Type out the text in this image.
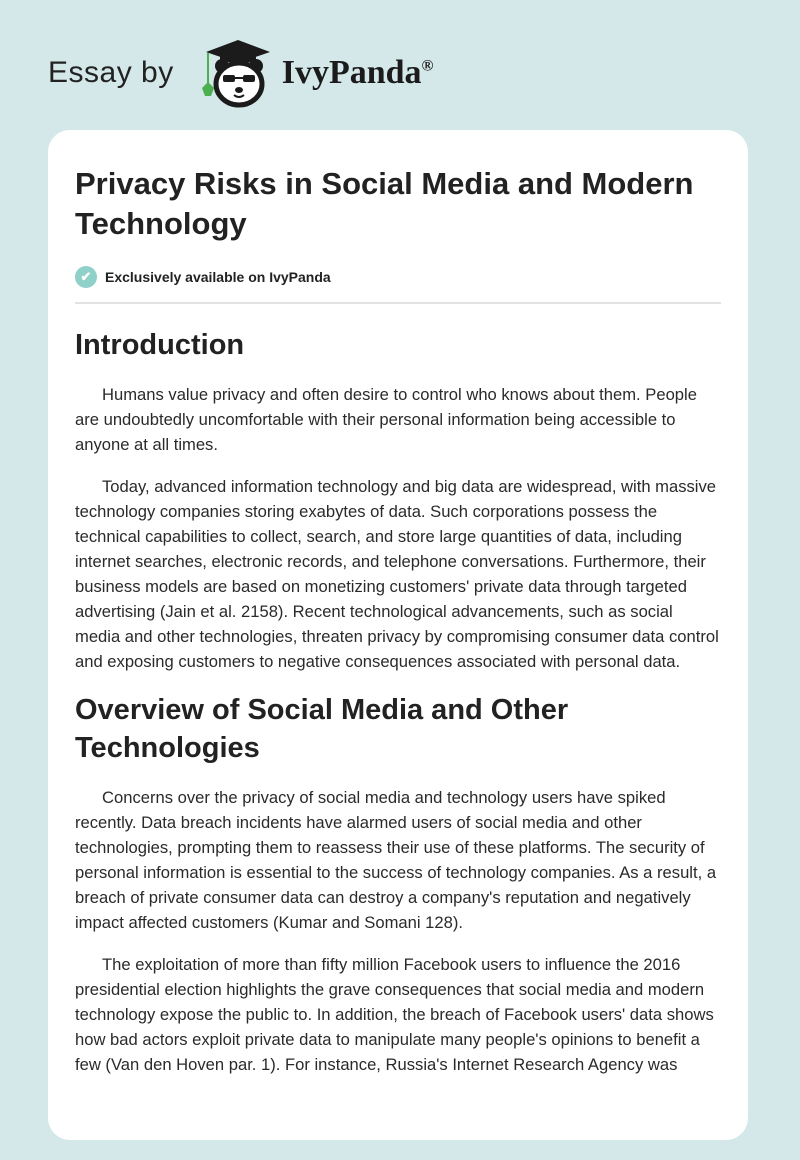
Essay by	IvyPanda®
Privacy Risks in Social Media and Modern Technology
✔ Exclusively available on IvyPanda
Introduction

Humans value privacy and often desire to control who knows about them. People are undoubtedly uncomfortable with their personal information being accessible to anyone at all times.

Today, advanced information technology and big data are widespread, with massive technology companies storing exabytes of data. Such corporations possess the technical capabilities to collect, search, and store large quantities of data, including internet searches, electronic records, and telephone conversations. Furthermore, their business models are based on monetizing customers' private data through targeted advertising (Jain et al. 2158). Recent technological advancements, such as social media and other technologies, threaten privacy by compromising consumer data control and exposing customers to negative consequences associated with personal data.

Overview of Social Media and Other Technologies

Concerns over the privacy of social media and technology users have spiked recently. Data breach incidents have alarmed users of social media and other technologies, prompting them to reassess their use of these platforms. The security of personal information is essential to the success of technology companies. As a result, a breach of private consumer data can destroy a company's reputation and negatively impact affected customers (Kumar and Somani 128).

The exploitation of more than fifty million Facebook users to influence the 2016 presidential election highlights the grave consequences that social media and modern technology expose the public to. In addition, the breach of Facebook users' data shows how bad actors exploit private data to manipulate many people's opinions to benefit a few (Van den Hoven par. 1). For instance, Russia's Internet Research Agency was
